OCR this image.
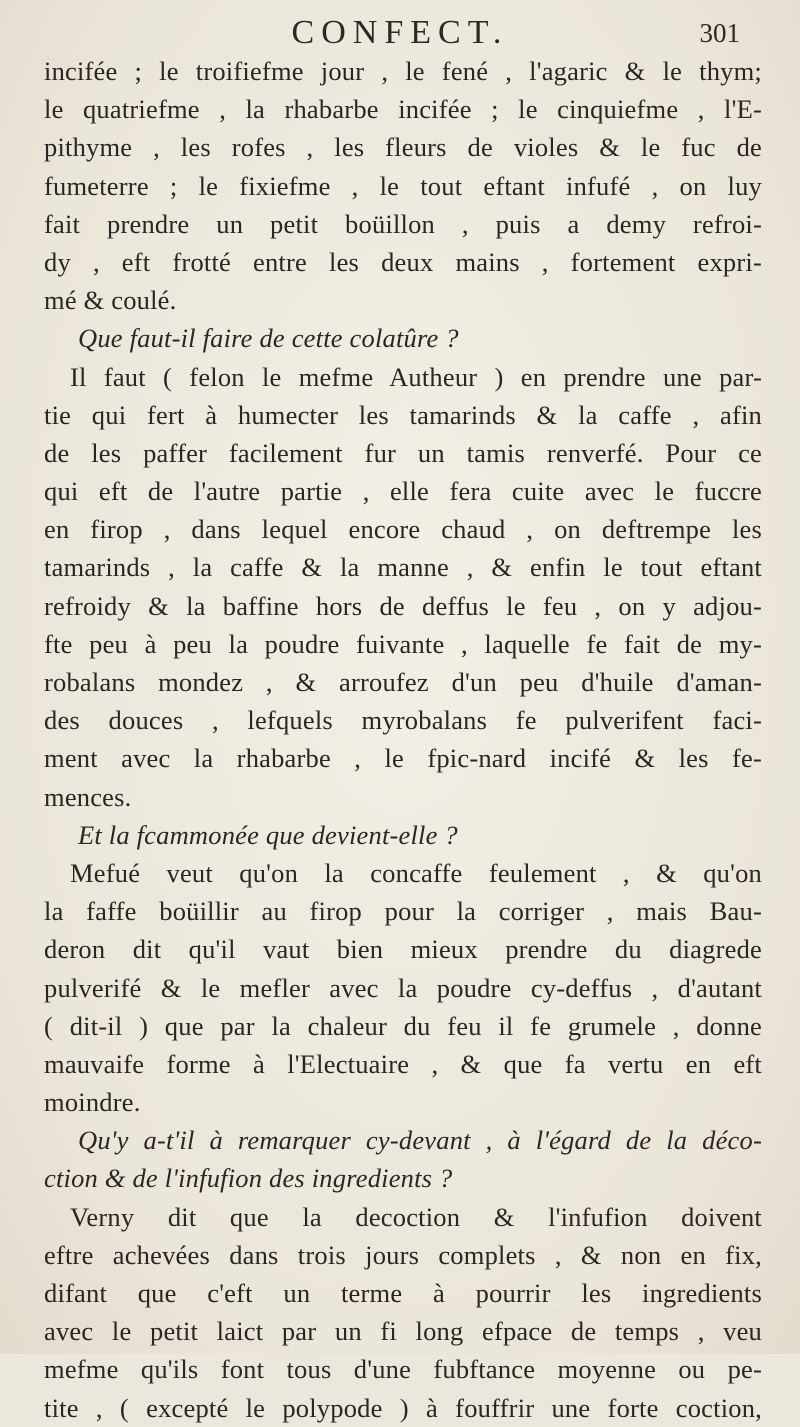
CONFECT.	301
incifée ; le troifiefme jour , le fené , l'agaric & le thym;
le quatriefme , la rhabarbe incifée ; le cinquiefme , l'E-
pithyme , les rofes , les fleurs de violes & le fuc de
fumeterre ; le fixiefme , le tout eftant infufé , on luy
fait prendre un petit boüillon , puis a demy refroi-
dy , eft frotté entre les deux mains , fortement expri-
mé & coulé.
Que faut-il faire de cette colatûre ?
Il faut ( felon le mefme Autheur ) en prendre une par-
tie qui fert à humecter les tamarinds & la caffe , afin
de les paffer facilement fur un tamis renverfé. Pour ce
qui eft de l'autre partie , elle fera cuite avec le fuccre
en firop , dans lequel encore chaud , on deftrempe les
tamarinds , la caffe & la manne , & enfin le tout eftant
refroidy & la baffine hors de deffus le feu , on y adjou-
fte peu à peu la poudre fuivante , laquelle fe fait de my-
robalans mondez , & arroufez d'un peu d'huile d'aman-
des douces , lefquels myrobalans fe pulverifent faci-
ment avec la rhabarbe , le fpic-nard incifé & les fe-
mences.
Et la fcammonée que devient-elle ?
Mefué veut qu'on la concaffe feulement , & qu'on
la faffe boüillir au firop pour la corriger , mais Bau-
deron dit qu'il vaut bien mieux prendre du diagrede
pulverifé & le mefler avec la poudre cy-deffus , d'autant
( dit-il ) que par la chaleur du feu il fe grumele , donne
mauvaife forme à l'Electuaire , & que fa vertu en eft
moindre.
Qu'y a-t'il à remarquer cy-devant , à l'égard de la déco-
ction & de l'infufion des ingredients ?
Verny dit que la decoction & l'infufion doivent
eftre achevées dans trois jours complets , & non en fix,
difant que c'eft un terme à pourrir les ingredients
avec le petit laict par un fi long efpace de temps , veu
mefme qu'ils font tous d'une fubftance moyenne ou pe-
tite , ( excepté le polypode ) à fouffrir une forte coction,
